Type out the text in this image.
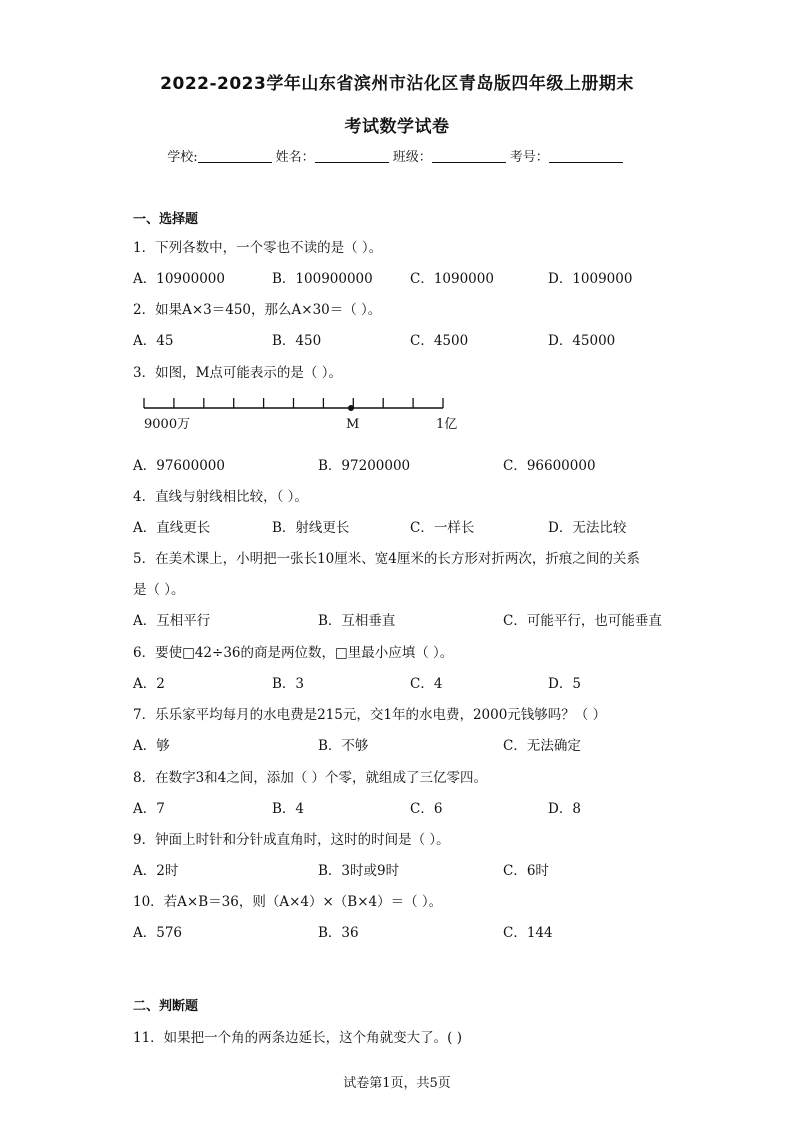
2022-2023学年山东省滨州市沾化区青岛版四年级上册期末
考试数学试卷
学校:	姓名：	班级：	考号：
一、选择题
1．下列各数中，一个零也不读的是（ ）。
A．10900000	B．100900000	C．1090000	D．1009000
2．如果A×3＝450，那么A×30＝（ ）。
A．45	B．450	C．4500	D．45000
3．如图，M点可能表示的是（ ）。
9000万	M	1亿
A．97600000	B．97200000	C．96600000
4．直线与射线相比较，（ ）。
A．直线更长	B．射线更长	C．一样长	D．无法比较
5．在美术课上，小明把一张长10厘米、宽4厘米的长方形对折两次，折痕之间的关系
是（ ）。
A．互相平行	B．互相垂直	C．可能平行，也可能垂直
6．要使□42÷36的商是两位数，□里最小应填（ ）。
A．2	B．3	C．4	D．5
7．乐乐家平均每月的水电费是215元，交1年的水电费，2000元钱够吗？（ ）
A．够	B．不够	C．无法确定
8．在数字3和4之间，添加（ ）个零，就组成了三亿零四。
A．7	B．4	C．6	D．8
9．钟面上时针和分针成直角时，这时的时间是（ ）。
A．2时	B．3时或9时	C．6时
10．若A×B＝36，则（A×4）×（B×4）＝（ ）。
A．576	B．36	C．144
二、判断题
11．如果把一个角的两条边延长，这个角就变大了。( )
试卷第1页，共5页
